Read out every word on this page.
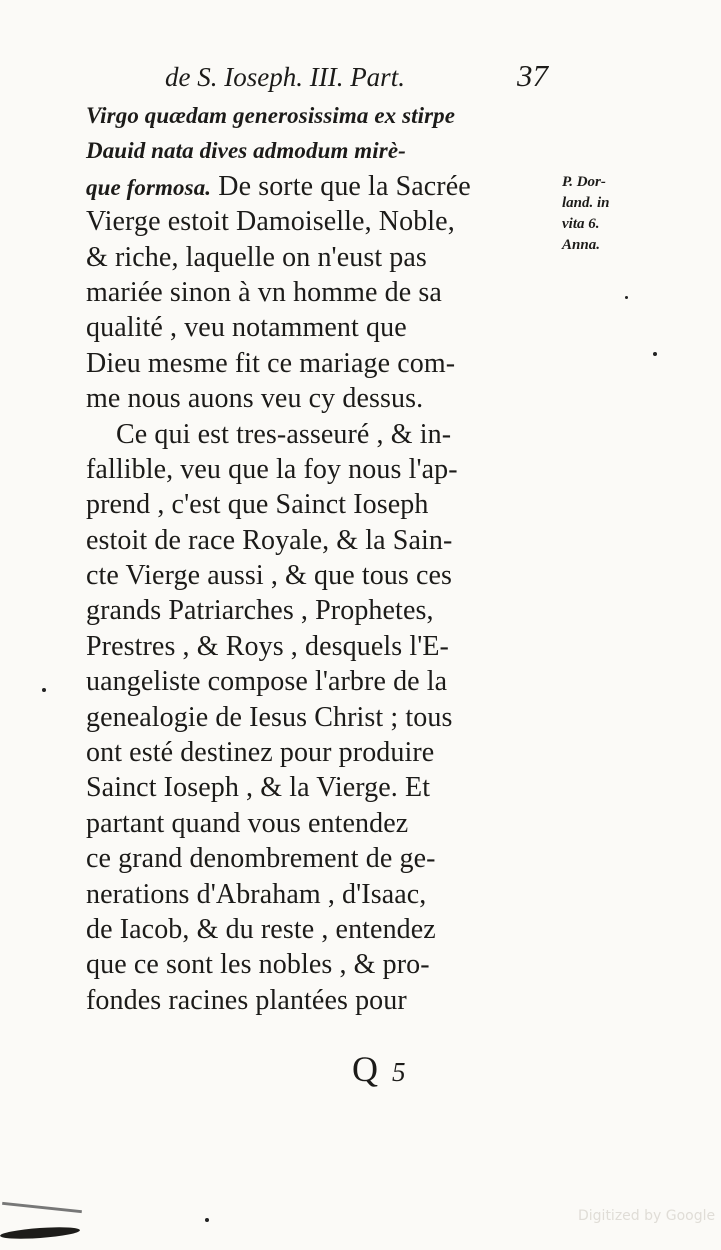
de S. Ioseph. III. Part.	37
Virgo quædam generosissima ex stirpe
Dauid nata dives admodum mirè-
que formosa. De sorte que la Sacrée
Vierge estoit Damoiselle, Noble,
& riche, laquelle on n'eust pas
mariée sinon à vn homme de sa
qualité , veu notamment que
Dieu mesme fit ce mariage com-
me nous auons veu cy dessus.
Ce qui est tres-asseuré , & in-
fallible, veu que la foy nous l'ap-
prend , c'est que Sainct Ioseph
estoit de race Royale, & la Sain-
cte Vierge aussi , & que tous ces
grands Patriarches , Prophetes,
Prestres , & Roys , desquels l'E-
uangeliste compose l'arbre de la
genealogie de Iesus Christ ; tous
ont esté destinez pour produire
Sainct Ioseph , & la Vierge. Et
partant quand vous entendez
ce grand denombrement de ge-
nerations d'Abraham , d'Isaac,
de Iacob, & du reste , entendez
que ce sont les nobles , & pro-
fondes racines plantées pour
P. Dor-
land. in
vita 6.
Anna.
Q 5
Digitized by Google
